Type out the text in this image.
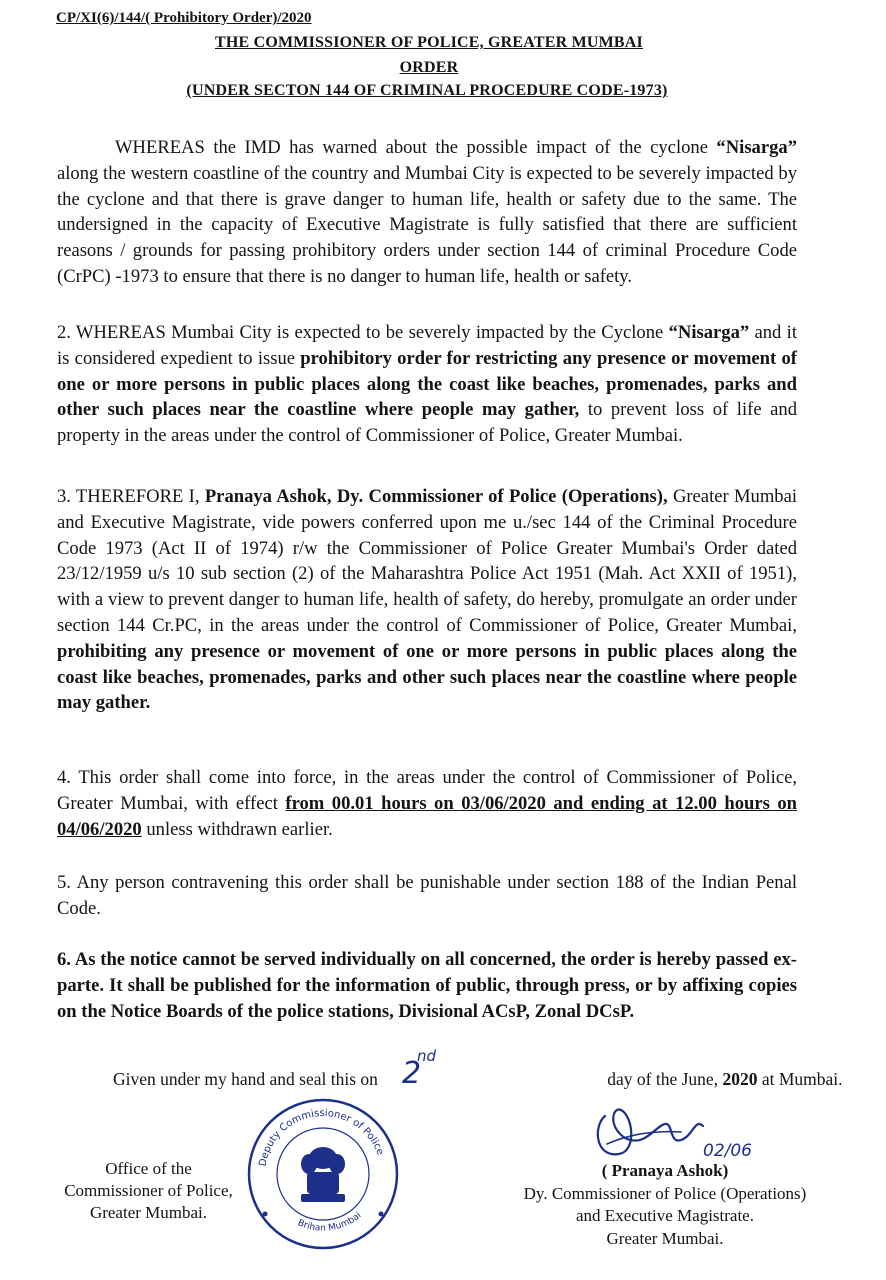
CP/XI(6)/144/( Prohibitory Order)/2020
THE COMMISSIONER OF POLICE, GREATER MUMBAI
ORDER
(UNDER SECTON 144 OF CRIMINAL PROCEDURE CODE-1973)

WHEREAS the IMD has warned about the possible impact of the cyclone “Nisarga” along the western coastline of the country and Mumbai City is expected to be severely impacted by the cyclone and that there is grave danger to human life, health or safety due to the same. The undersigned in the capacity of Executive Magistrate is fully satisfied that there are sufficient reasons / grounds for passing prohibitory orders under section 144 of criminal Procedure Code (CrPC) -1973 to ensure that there is no danger to human life, health or safety.

2. WHEREAS Mumbai City is expected to be severely impacted by the Cyclone “Nisarga” and it is considered expedient to issue prohibitory order for restricting any presence or movement of one or more persons in public places along the coast like beaches, promenades, parks and other such places near the coastline where people may gather, to prevent loss of life and property in the areas under the control of Commissioner of Police, Greater Mumbai.

3. THEREFORE I, Pranaya Ashok, Dy. Commissioner of Police (Operations), Greater Mumbai and Executive Magistrate, vide powers conferred upon me u./sec 144 of the Criminal Procedure Code 1973 (Act II of 1974) r/w the Commissioner of Police Greater Mumbai's Order dated 23/12/1959 u/s 10 sub section (2) of the Maharashtra Police Act 1951 (Mah. Act XXII of 1951), with a view to prevent danger to human life, health of safety, do hereby, promulgate an order under section 144 Cr.PC, in the areas under the control of Commissioner of Police, Greater Mumbai, prohibiting any presence or movement of one or more persons in public places along the coast like beaches, promenades, parks and other such places near the coastline where people may gather.

4. This order shall come into force, in the areas under the control of Commissioner of Police, Greater Mumbai, with effect from 00.01 hours on 03/06/2020 and ending at 12.00 hours on 04/06/2020 unless withdrawn earlier.

5. Any person contravening this order shall be punishable under section 188 of the Indian Penal Code.

6. As the notice cannot be served individually on all concerned, the order is hereby passed ex-parte. It shall be published for the information of public, through press, or by affixing copies on the Notice Boards of the police stations, Divisional ACsP, Zonal DCsP.

Given under my hand and seal this on 2
nd
day of the June, 2020 at Mumbai.
Office of the
Commissioner of Police,
Greater Mumbai.
Deputy Commissioner of Police
Brihan Mumbai
02/06
( Pranaya Ashok)
Dy. Commissioner of Police (Operations)
and Executive Magistrate.
Greater Mumbai.
